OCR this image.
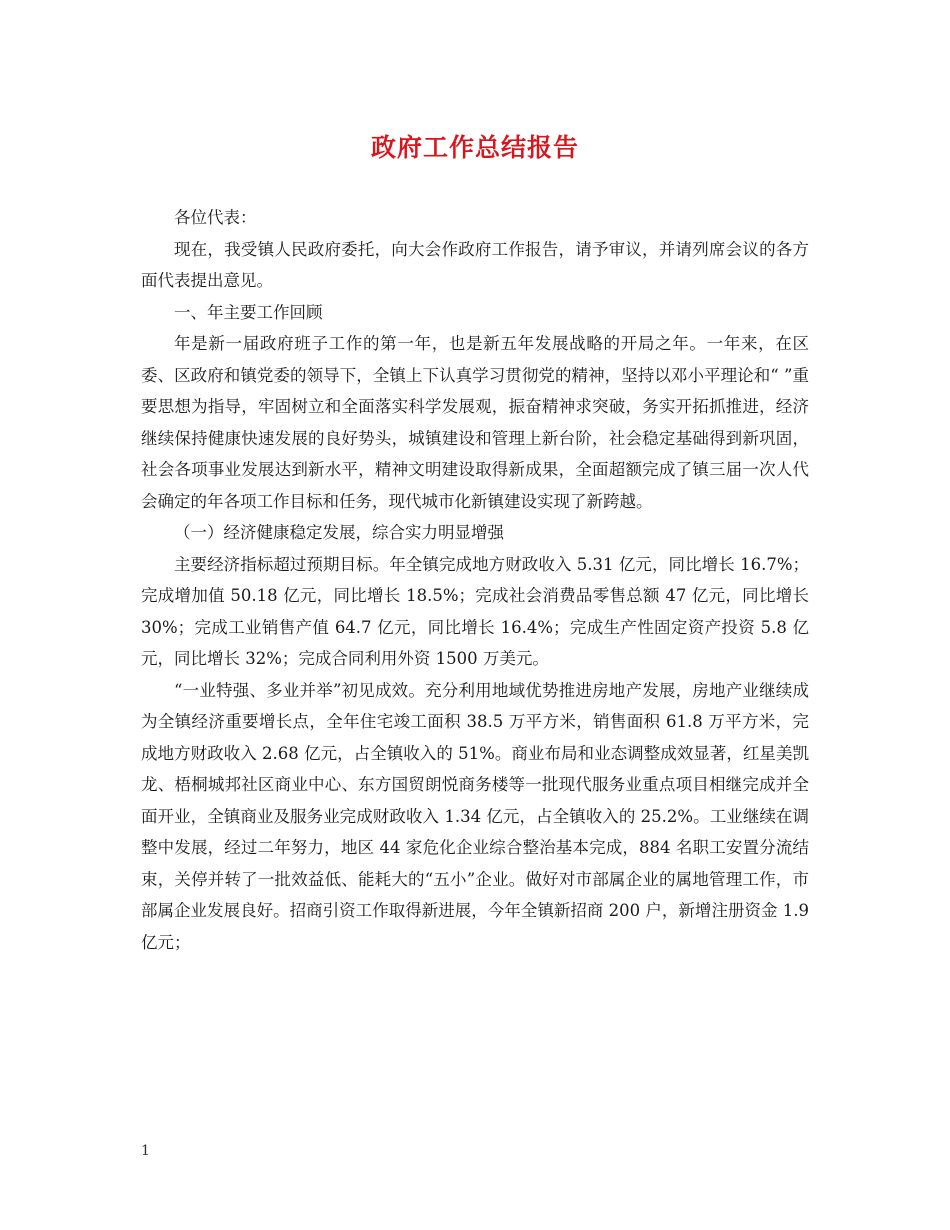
政府工作总结报告

各位代表：

现在，我受镇人民政府委托，向大会作政府工作报告，请予审议，并请列席会议的各方面代表提出意见。

一、年主要工作回顾

年是新一届政府班子工作的第一年，也是新五年发展战略的开局之年。一年来，在区委、区政府和镇党委的领导下，全镇上下认真学习贯彻党的精神，坚持以邓小平理论和“ ”重要思想为指导，牢固树立和全面落实科学发展观，振奋精神求突破，务实开拓抓推进，经济继续保持健康快速发展的良好势头，城镇建设和管理上新台阶，社会稳定基础得到新巩固，社会各项事业发展达到新水平，精神文明建设取得新成果，全面超额完成了镇三届一次人代会确定的年各项工作目标和任务，现代城市化新镇建设实现了新跨越。

（一）经济健康稳定发展，综合实力明显增强

主要经济指标超过预期目标。年全镇完成地方财政收入 5.31 亿元，同比增长 16.7%；完成增加值 50.18 亿元，同比增长 18.5%；完成社会消费品零售总额 47 亿元，同比增长 30%；完成工业销售产值 64.7 亿元，同比增长 16.4%；完成生产性固定资产投资 5.8 亿元，同比增长 32%；完成合同利用外资 1500 万美元。

“一业特强、多业并举”初见成效。充分利用地域优势推进房地产发展，房地产业继续成为全镇经济重要增长点，全年住宅竣工面积 38.5 万平方米，销售面积 61.8 万平方米，完成地方财政收入 2.68 亿元，占全镇收入的 51%。商业布局和业态调整成效显著，红星美凯龙、梧桐城邦社区商业中心、东方国贸朗悦商务楼等一批现代服务业重点项目相继完成并全面开业，全镇商业及服务业完成财政收入 1.34 亿元，占全镇收入的 25.2%。工业继续在调整中发展，经过二年努力，地区 44 家危化企业综合整治基本完成，884 名职工安置分流结束，关停并转了一批效益低、能耗大的“五小”企业。做好对市部属企业的属地管理工作，市部属企业发展良好。招商引资工作取得新进展，今年全镇新招商 200 户，新增注册资金 1.9 亿元；

1
